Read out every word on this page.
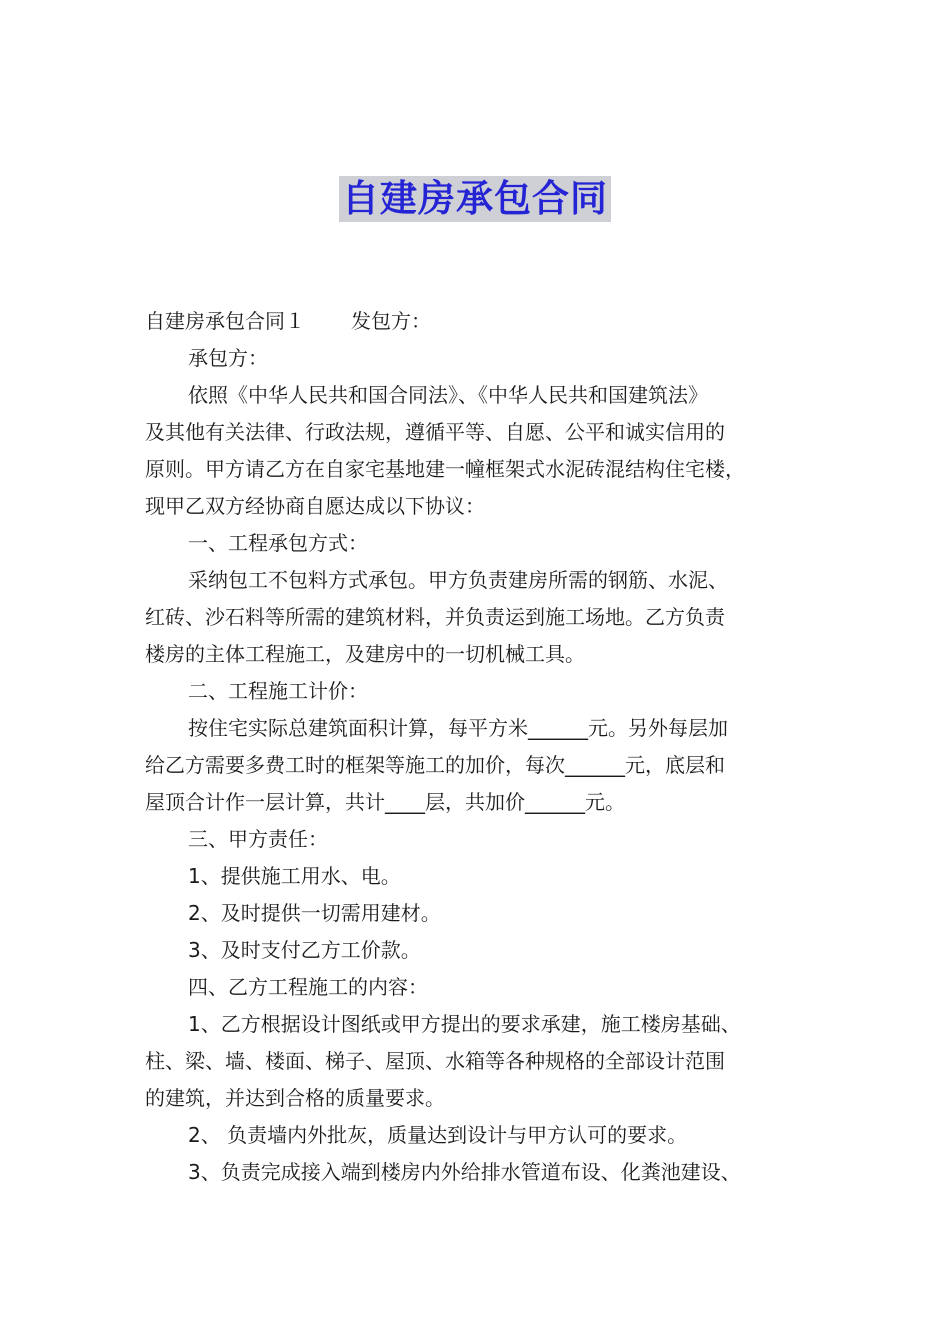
自建房承包合同
自建房承包合同１ 发包方：
承包方：
依照《中华人民共和国合同法》、《中华人民共和国建筑法》
及其他有关法律、行政法规，遵循平等、自愿、公平和诚实信用的
原则。甲方请乙方在自家宅基地建一幢框架式水泥砖混结构住宅楼，
现甲乙双方经协商自愿达成以下协议：
一、工程承包方式：
采纳包工不包料方式承包。甲方负责建房所需的钢筋、水泥、
红砖、沙石料等所需的建筑材料，并负责运到施工场地。乙方负责
楼房的主体工程施工，及建房中的一切机械工具。
二、工程施工计价：
按住宅实际总建筑面积计算，每平方米______元。另外每层加
给乙方需要多费工时的框架等施工的加价，每次______元，底层和
屋顶合计作一层计算，共计____层，共加价______元。
三、甲方责任：
1、提供施工用水、电。
2、及时提供一切需用建材。
3、及时支付乙方工价款。
四、乙方工程施工的内容：
1、乙方根据设计图纸或甲方提出的要求承建，施工楼房基础、
柱、梁、墙、楼面、梯子、屋顶、水箱等各种规格的全部设计范围
的建筑，并达到合格的质量要求。
2、 负责墙内外批灰，质量达到设计与甲方认可的要求。
3、负责完成接入端到楼房内外给排水管道布设、化粪池建设、
